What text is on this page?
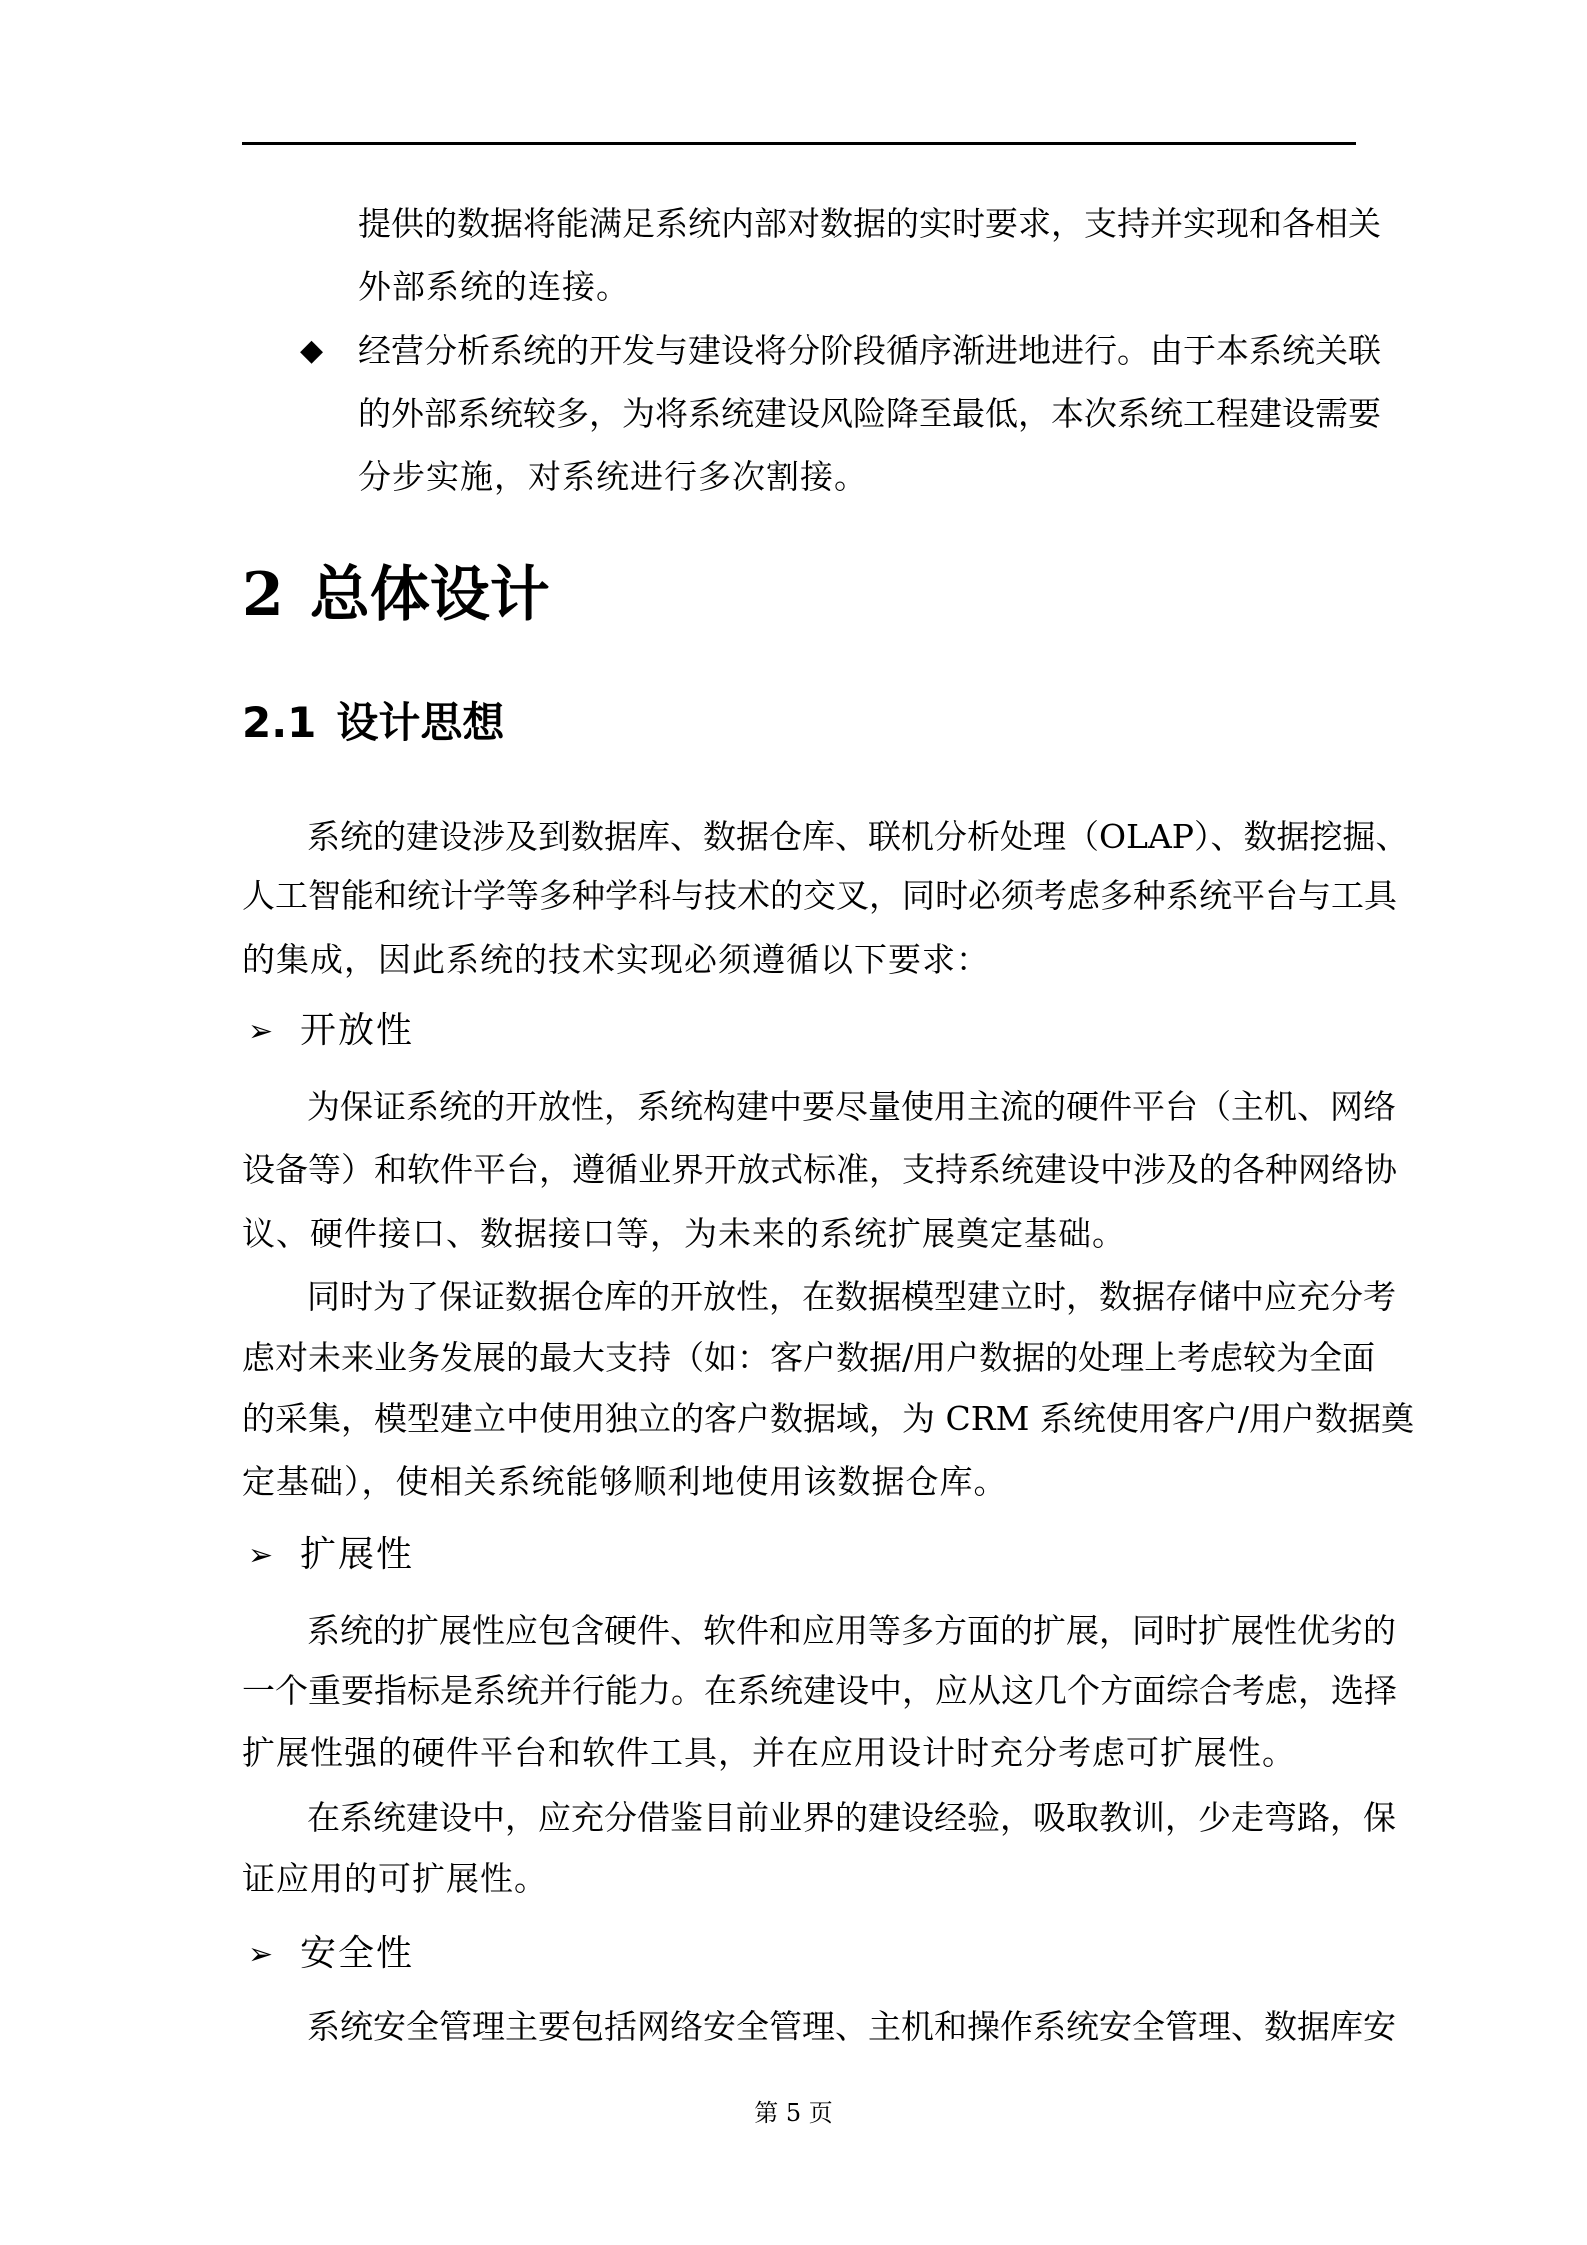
提供的数据将能满足系统内部对数据的实时要求，支持并实现和各相关
外部系统的连接。
◆ 经营分析系统的开发与建设将分阶段循序渐进地进行。由于本系统关联
的外部系统较多，为将系统建设风险降至最低，本次系统工程建设需要
分步实施，对系统进行多次割接。
2 总体设计
2.1 设计思想
系统的建设涉及到数据库、数据仓库、联机分析处理（OLAP）、数据挖掘、
人工智能和统计学等多种学科与技术的交叉，同时必须考虑多种系统平台与工具
的集成，因此系统的技术实现必须遵循以下要求：
➢ 开放性
为保证系统的开放性，系统构建中要尽量使用主流的硬件平台（主机、网络
设备等）和软件平台，遵循业界开放式标准，支持系统建设中涉及的各种网络协
议、硬件接口、数据接口等，为未来的系统扩展奠定基础。
同时为了保证数据仓库的开放性，在数据模型建立时，数据存储中应充分考
虑对未来业务发展的最大支持（如：客户数据/用户数据的处理上考虑较为全面
的采集，模型建立中使用独立的客户数据域，为 CRM 系统使用客户/用户数据奠
定基础），使相关系统能够顺利地使用该数据仓库。
➢ 扩展性
系统的扩展性应包含硬件、软件和应用等多方面的扩展，同时扩展性优劣的
一个重要指标是系统并行能力。在系统建设中，应从这几个方面综合考虑，选择
扩展性强的硬件平台和软件工具，并在应用设计时充分考虑可扩展性。
在系统建设中，应充分借鉴目前业界的建设经验，吸取教训，少走弯路，保
证应用的可扩展性。
➢ 安全性
系统安全管理主要包括网络安全管理、主机和操作系统安全管理、数据库安
第 5 页
